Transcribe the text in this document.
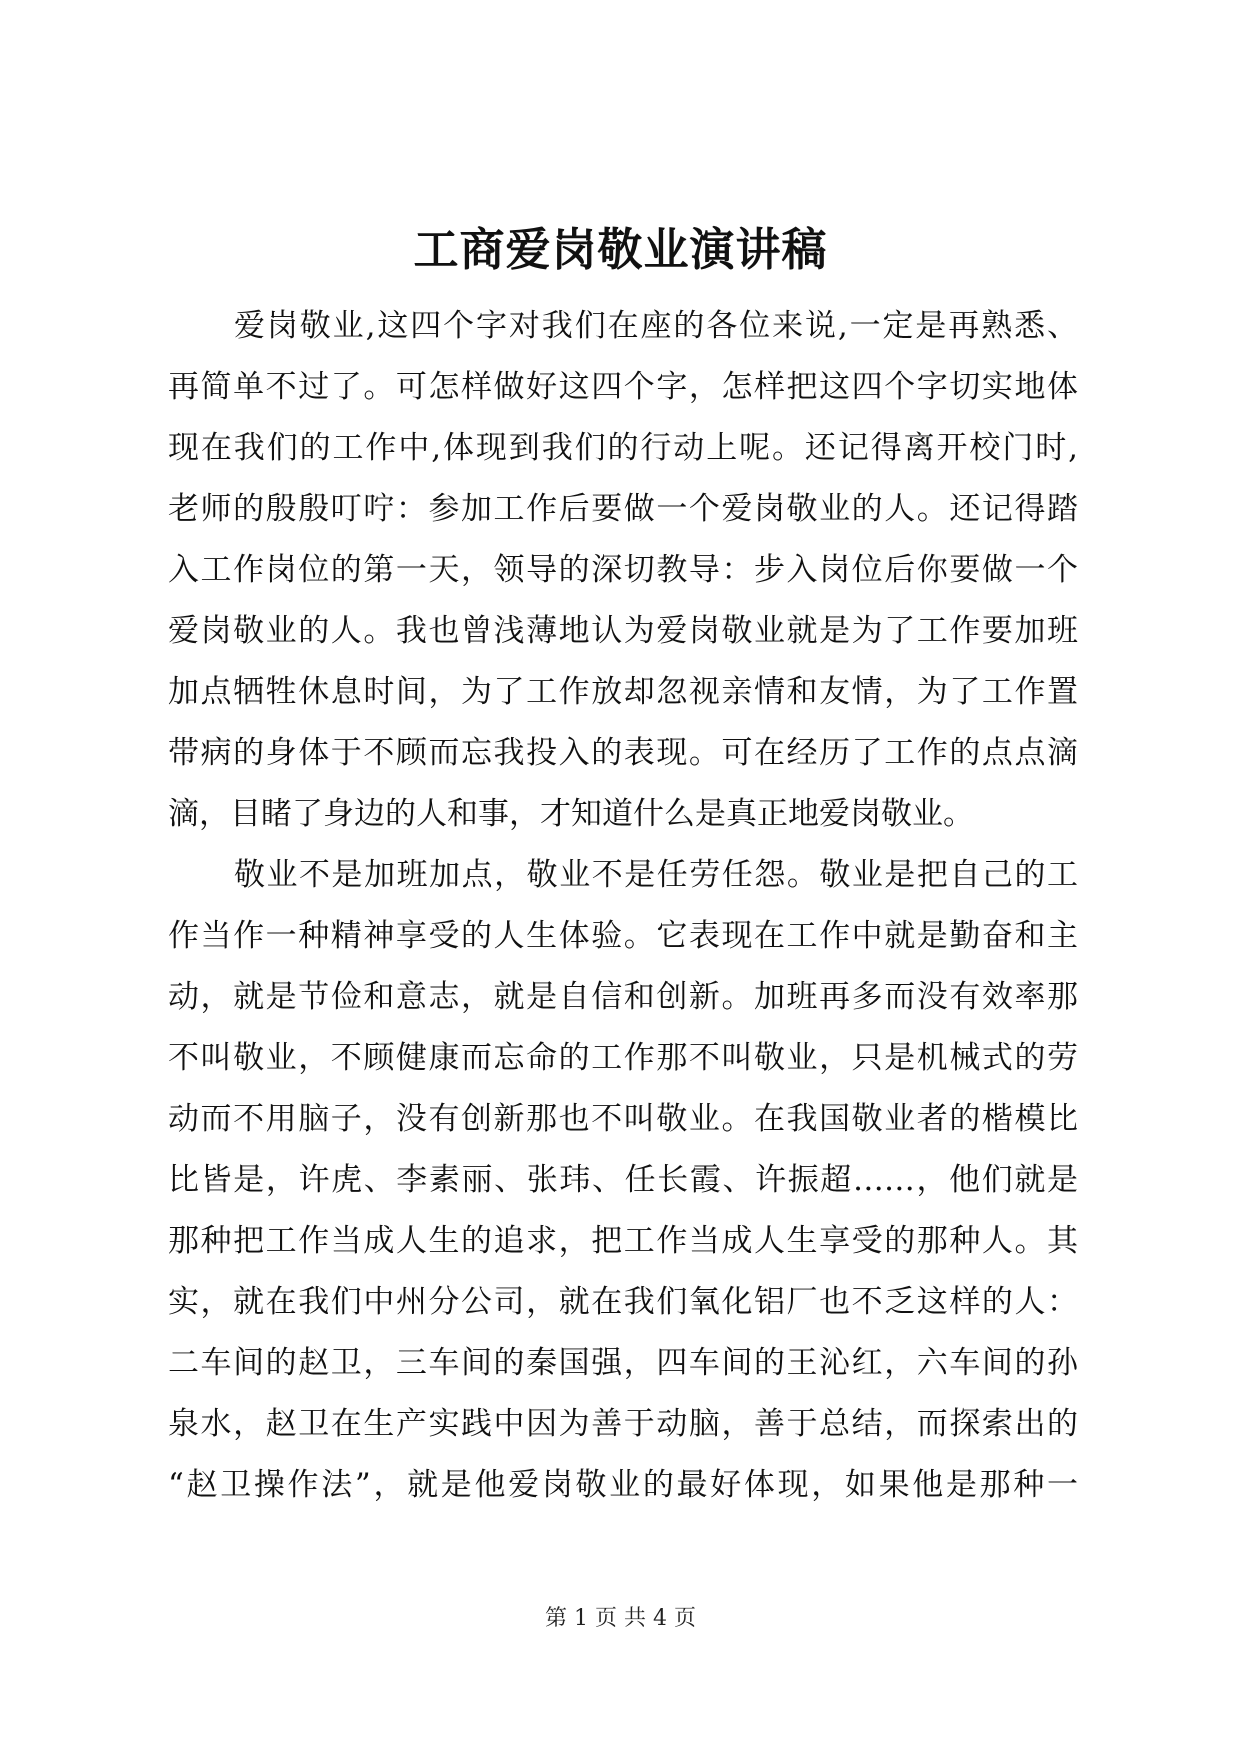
工商爱岗敬业演讲稿
爱岗敬业,这四个字对我们在座的各位来说,一定是再熟悉、
再简单不过了。可怎样做好这四个字，怎样把这四个字切实地体
现在我们的工作中,体现到我们的行动上呢。还记得离开校门时,
老师的殷殷叮咛：参加工作后要做一个爱岗敬业的人。还记得踏
入工作岗位的第一天，领导的深切教导：步入岗位后你要做一个
爱岗敬业的人。我也曾浅薄地认为爱岗敬业就是为了工作要加班
加点牺牲休息时间，为了工作放却忽视亲情和友情，为了工作置
带病的身体于不顾而忘我投入的表现。可在经历了工作的点点滴
滴，目睹了身边的人和事，才知道什么是真正地爱岗敬业。
敬业不是加班加点，敬业不是任劳任怨。敬业是把自己的工
作当作一种精神享受的人生体验。它表现在工作中就是勤奋和主
动，就是节俭和意志，就是自信和创新。加班再多而没有效率那
不叫敬业，不顾健康而忘命的工作那不叫敬业，只是机械式的劳
动而不用脑子，没有创新那也不叫敬业。在我国敬业者的楷模比
比皆是，许虎、李素丽、张玮、任长霞、许振超……，他们就是
那种把工作当成人生的追求，把工作当成人生享受的那种人。其
实，就在我们中州分公司，就在我们氧化铝厂也不乏这样的人：
二车间的赵卫，三车间的秦国强，四车间的王沁红，六车间的孙
泉水，赵卫在生产实践中因为善于动脑，善于总结，而探索出的
“赵卫操作法”，就是他爱岗敬业的最好体现，如果他是那种一
第 1 页 共 4 页
